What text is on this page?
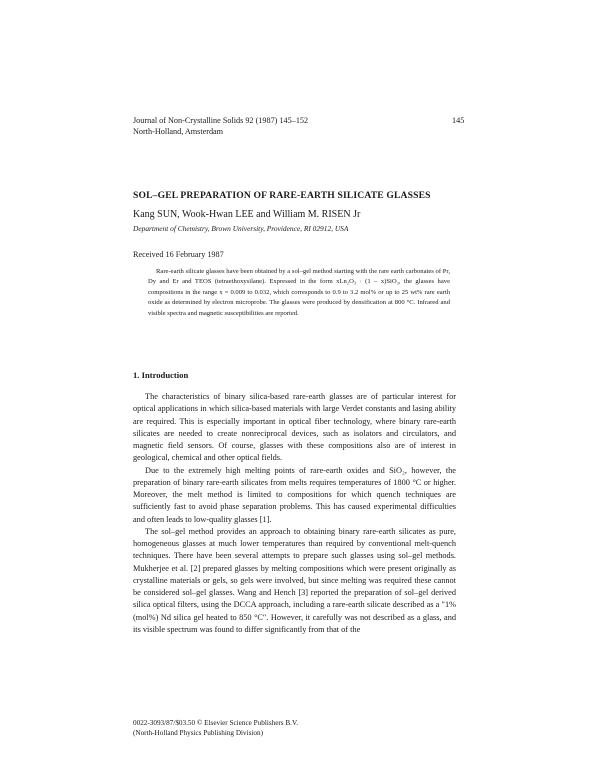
Journal of Non-Crystalline Solids 92 (1987) 145–152
North-Holland, Amsterdam
145
SOL–GEL PREPARATION OF RARE-EARTH SILICATE GLASSES
Kang SUN, Wook-Hwan LEE and William M. RISEN Jr
Department of Chemistry, Brown University, Providence, RI 02912, USA
Received 16 February 1987

Rare-earth silicate glasses have been obtained by a sol–gel method starting with the rare earth carbonates of Pr, Dy and Er and TEOS (tetraethoxysilane). Expressed in the form xLn₂O₃ · (1 – x)SiO₂, the glasses have compositions in the range x = 0.009 to 0.032, which corresponds to 0.9 to 3.2 mol% or up to 25 wt% rare earth oxide as determined by electron microprobe. The glasses were produced by densification at 800 °C. Infrared and visible spectra and magnetic susceptibilities are reported.

1. Introduction

The characteristics of binary silica-based rare-earth glasses are of particular interest for optical applications in which silica-based materials with large Verdet constants and lasing ability are required. This is especially important in optical fiber technology, where binary rare-earth silicates are needed to create nonreciprocal devices, such as isolators and circulators, and magnetic field sensors. Of course, glasses with these compositions also are of interest in geological, chemical and other optical fields.

Due to the extremely high melting points of rare-earth oxides and SiO₂, however, the preparation of binary rare-earth silicates from melts requires temperatures of 1800 °C or higher. Moreover, the melt method is limited to compositions for which quench techniques are sufficiently fast to avoid phase separation problems. This has caused experimental difficulties and often leads to low-quality glasses [1].

The sol–gel method provides an approach to obtaining binary rare-earth silicates as pure, homogeneous glasses at much lower temperatures than required by conventional melt-quench techniques. There have been several attempts to prepare such glasses using sol–gel methods. Mukherjee et al. [2] prepared glasses by melting compositions which were present originally as crystalline materials or gels, so gels were involved, but since melting was required these cannot be considered sol–gel glasses. Wang and Hench [3] reported the preparation of sol–gel derived silica optical filters, using the DCCA approach, including a rare-earth silicate described as a "1% (mol%) Nd silica gel heated to 850 °C". However, it carefully was not described as a glass, and its visible spectrum was found to differ significantly from that of the

0022-3093/87/$03.50 © Elsevier Science Publishers B.V.
(North-Holland Physics Publishing Division)
